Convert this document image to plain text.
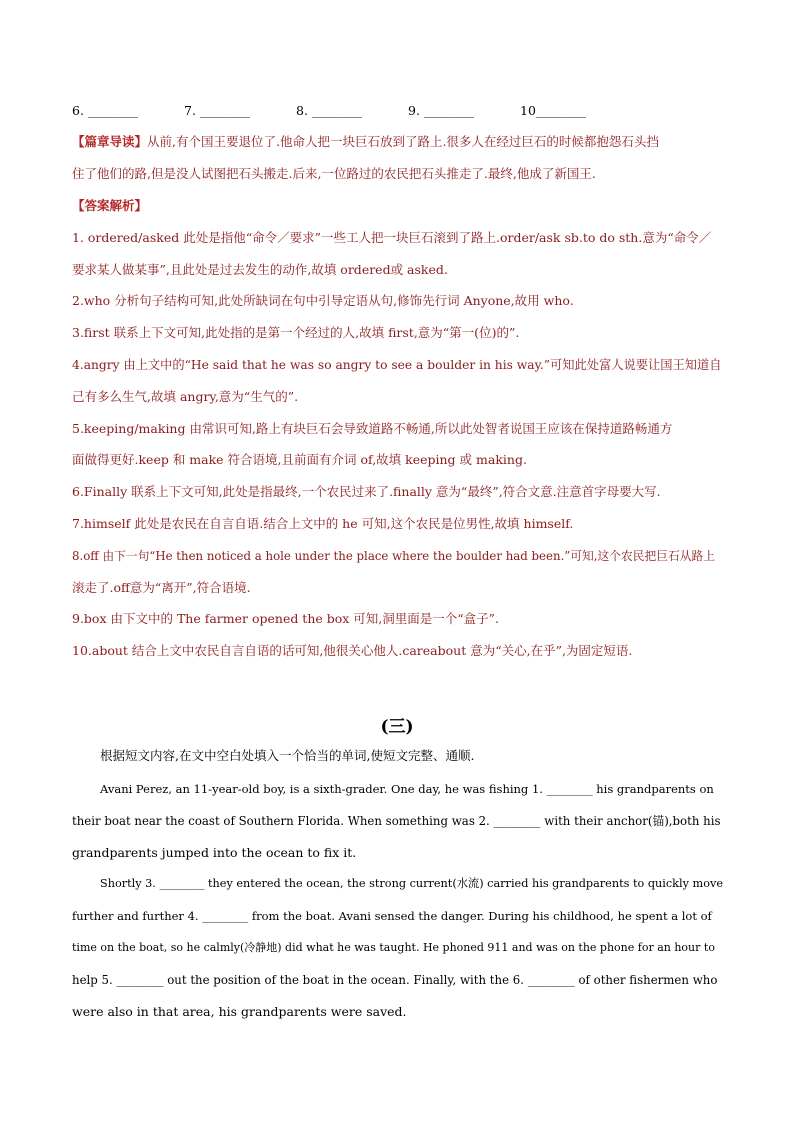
6. ________	7. ________	8. ________	9. ________	10________
【篇章导读】从前,有个国王要退位了.他命人把一块巨石放到了路上.很多人在经过巨石的时候都抱怨石头挡
住了他们的路,但是没人试图把石头搬走.后来,一位路过的农民把石头推走了.最终,他成了新国王.
【答案解析】
1. ordered/asked 此处是指他“命令／要求”一些工人把一块巨石滚到了路上.order/ask sb.to do sth.意为“命令／
要求某人做某事”,且此处是过去发生的动作,故填 ordered或 asked.
2.who 分析句子结构可知,此处所缺词在句中引导定语从句,修饰先行词 Anyone,故用 who.
3.first 联系上下文可知,此处指的是第一个经过的人,故填 first,意为“第一(位)的”.
4.angry 由上文中的“He said that he was so angry to see a boulder in his way.”可知此处富人说要让国王知道自
己有多么生气,故填 angry,意为“生气的”.
5.keeping/making 由常识可知,路上有块巨石会导致道路不畅通,所以此处智者说国王应该在保持道路畅通方
面做得更好.keep 和 make 符合语境,且前面有介词 of,故填 keeping 或 making.
6.Finally 联系上下文可知,此处是指最终,一个农民过来了.finally 意为“最终”,符合文意.注意首字母要大写.
7.himself 此处是农民在自言自语.结合上文中的 he 可知,这个农民是位男性,故填 himself.
8.off 由下一句“He then noticed a hole under the place where the boulder had been.”可知,这个农民把巨石从路上
滚走了.off意为“离开”,符合语境.
9.box 由下文中的 The farmer opened the box 可知,洞里面是一个“盒子”.
10.about 结合上文中农民自言自语的话可知,他很关心他人.careabout 意为“关心,在乎”,为固定短语.
(三)
根据短文内容,在文中空白处填入一个恰当的单词,使短文完整、通顺.
Avani Perez, an 11-year-old boy, is a sixth-grader. One day, he was fishing 1. ________ his grandparents on
their boat near the coast of Southern Florida. When something was 2. ________ with their anchor(锚),both his
grandparents jumped into the ocean to fix it.
Shortly 3. ________ they entered the ocean, the strong current(水流) carried his grandparents to quickly move
further and further 4. ________ from the boat. Avani sensed the danger. During his childhood, he spent a lot of
time on the boat, so he calmly(冷静地) did what he was taught. He phoned 911 and was on the phone for an hour to
help 5. ________ out the position of the boat in the ocean. Finally, with the 6. ________ of other fishermen who
were also in that area, his grandparents were saved.
